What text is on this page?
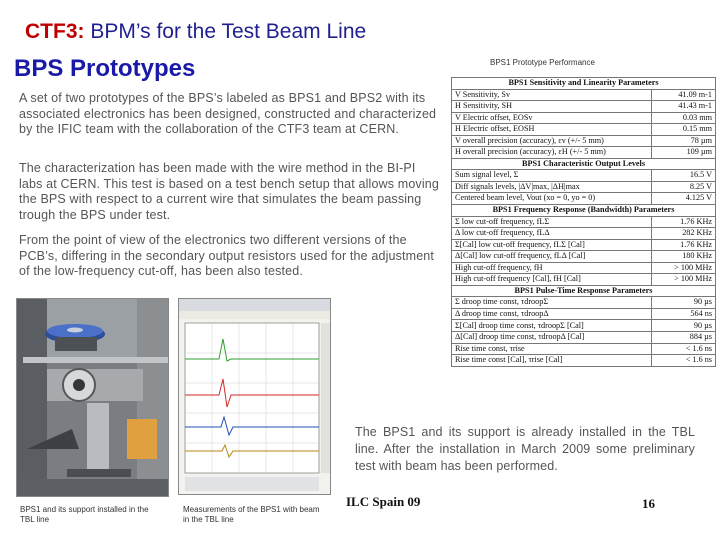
CTF3: BPM’s for the Test Beam Line
BPS Prototypes

A set of two prototypes of the BPS’s labeled as BPS1 and BPS2 with its associated electronics has been designed, constructed and characterized by the IFIC team with the collaboration of the CTF3 team at CERN.

The characterization has been made with the wire method in the BI-PI labs at CERN. This test is based on a test bench setup that allows moving the BPS with respect to a current wire that simulates the beam passing trough the BPS under test.

From the point of view of the electronics two different versions of the PCB’s, differing in the secondary output resistors used for the adjustment of the low-frequency cut-off, has been also tested.

BPS1 Prototype Performance
BPS1 Sensitivity and Linearity Parameters	
V Sensitivity, Sv	41.09 m-1
H Sensitivity, SH	41.43 m-1
V Electric offset, EOSv	0.03 mm
H Electric offset, EOSH	0.15 mm
V overall precision (accuracy), εv (+/- 5 mm)	78 µm
H overall precision (accuracy), εH (+/- 5 mm)	109 µm
BPS1 Characteristic Output Levels	
Sum signal level, Σ	16.5 V
Diff signals levels, |ΔV|max, |ΔH|max	8.25 V
Centered beam level, Vout (xo = 0, yo = 0)	4.125 V
BPS1 Frequency Response (Bandwidth) Parameters	
Σ low cut-off frequency, fLΣ	1.76 KHz
Δ low cut-off frequency, fLΔ	282 KHz
Σ[Cal] low cut-off frequency, fLΣ [Cal]	1.76 KHz
Δ[Cal] low cut-off frequency, fLΔ [Cal]	180 KHz
High cut-off frequency, fH	> 100 MHz
High cut-off frequency [Cal], fH [Cal]	> 100 MHz
BPS1 Pulse-Time Response Parameters	
Σ droop time const, τdroopΣ	90 µs
Δ droop time const, τdroopΔ	564 ns
Σ[Cal] droop time const, τdroopΣ [Cal]	90 µs
Δ[Cal] droop time const, τdroopΔ [Cal]	884 µs
Rise time const, τrise	< 1.6 ns
Rise time const [Cal], τrise [Cal]	< 1.6 ns
BPS1 and its support installed in the TBL line
Measurements of the BPS1 with beam in the TBL line

The BPS1 and its support is already installed in the TBL line. After the installation in March 2009 some preliminary test with beam has been performed.

ILC Spain 09	16
